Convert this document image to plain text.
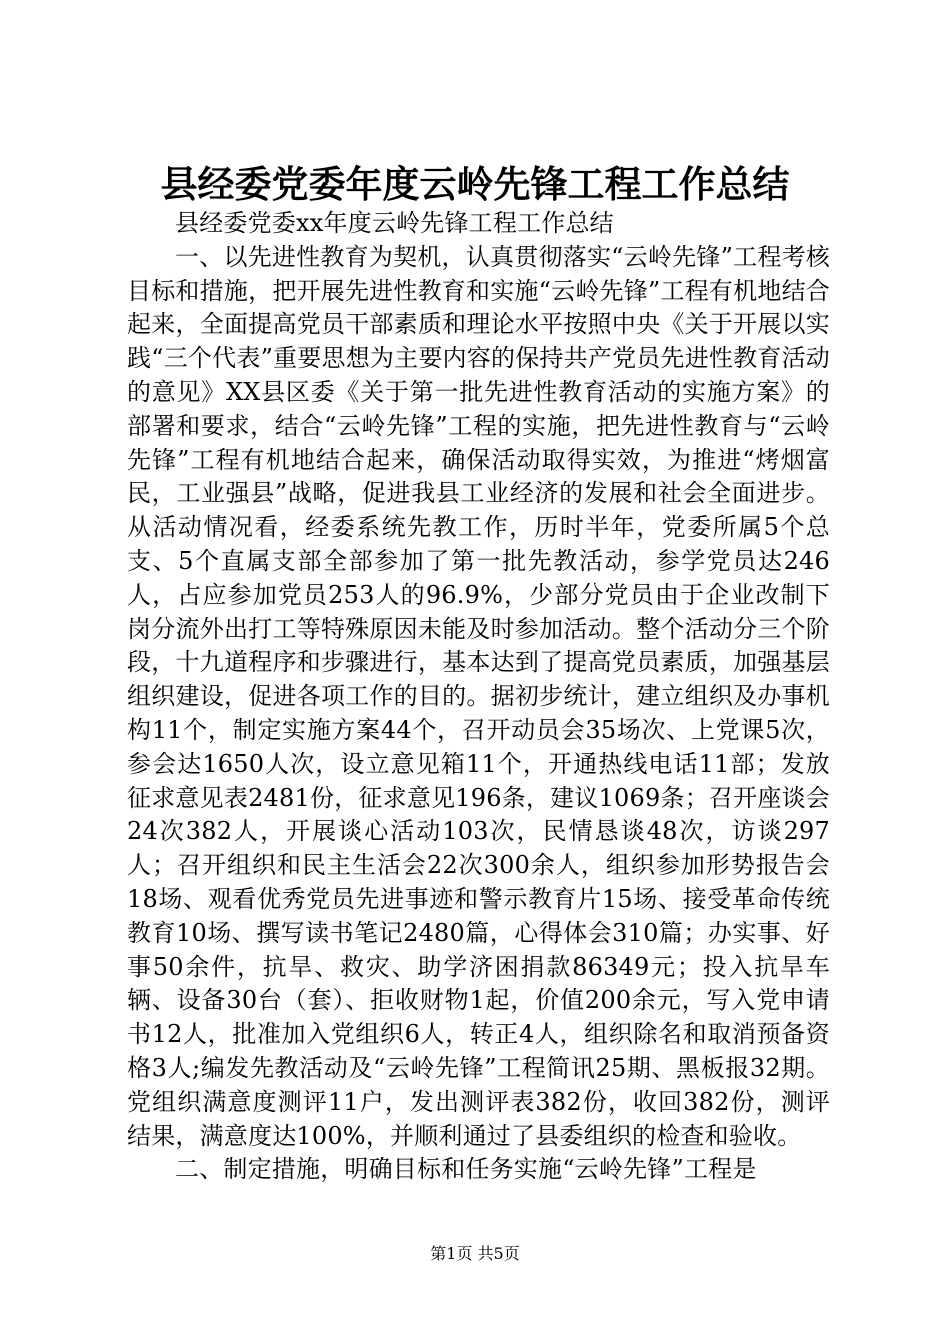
县经委党委年度云岭先锋工程工作总结
县经委党委xx年度云岭先锋工程工作总结

一、以先进性教育为契机，认真贯彻落实“云岭先锋”工程考核目标和措施，把开展先进性教育和实施“云岭先锋”工程有机地结合起来，全面提高党员干部素质和理论水平按照中央《关于开展以实践“三个代表”重要思想为主要内容的保持共产党员先进性教育活动的意见》XX县区委《关于第一批先进性教育活动的实施方案》的部署和要求，结合“云岭先锋”工程的实施，把先进性教育与“云岭先锋”工程有机地结合起来，确保活动取得实效，为推进“烤烟富民，工业强县”战略，促进我县工业经济的发展和社会全面进步。从活动情况看，经委系统先教工作，历时半年，党委所属5个总支、5个直属支部全部参加了第一批先教活动，参学党员达246人，占应参加党员253人的96.9%，少部分党员由于企业改制下岗分流外出打工等特殊原因未能及时参加活动。整个活动分三个阶段，十九道程序和步骤进行，基本达到了提高党员素质，加强基层组织建设，促进各项工作的目的。据初步统计，建立组织及办事机构11个，制定实施方案44个，召开动员会35场次、上党课5次，参会达1650人次，设立意见箱11个，开通热线电话11部；发放征求意见表2481份，征求意见196条，建议1069条；召开座谈会24次382人，开展谈心活动103次，民情恳谈48次，访谈297人；召开组织和民主生活会22次300余人，组织参加形势报告会18场、观看优秀党员先进事迹和警示教育片15场、接受革命传统教育10场、撰写读书笔记2480篇，心得体会310篇；办实事、好事50余件，抗旱、救灾、助学济困捐款86349元；投入抗旱车辆、设备30台（套）、拒收财物1起，价值200余元，写入党申请书12人，批准加入党组织6人，转正4人，组织除名和取消预备资格3人;编发先教活动及“云岭先锋”工程简讯25期、黑板报32期。党组织满意度测评11户，发出测评表382份，收回382份，测评结果，满意度达100%，并顺利通过了县委组织的检查和验收。

二、制定措施，明确目标和任务实施“云岭先锋”工程是

第1页 共5页
